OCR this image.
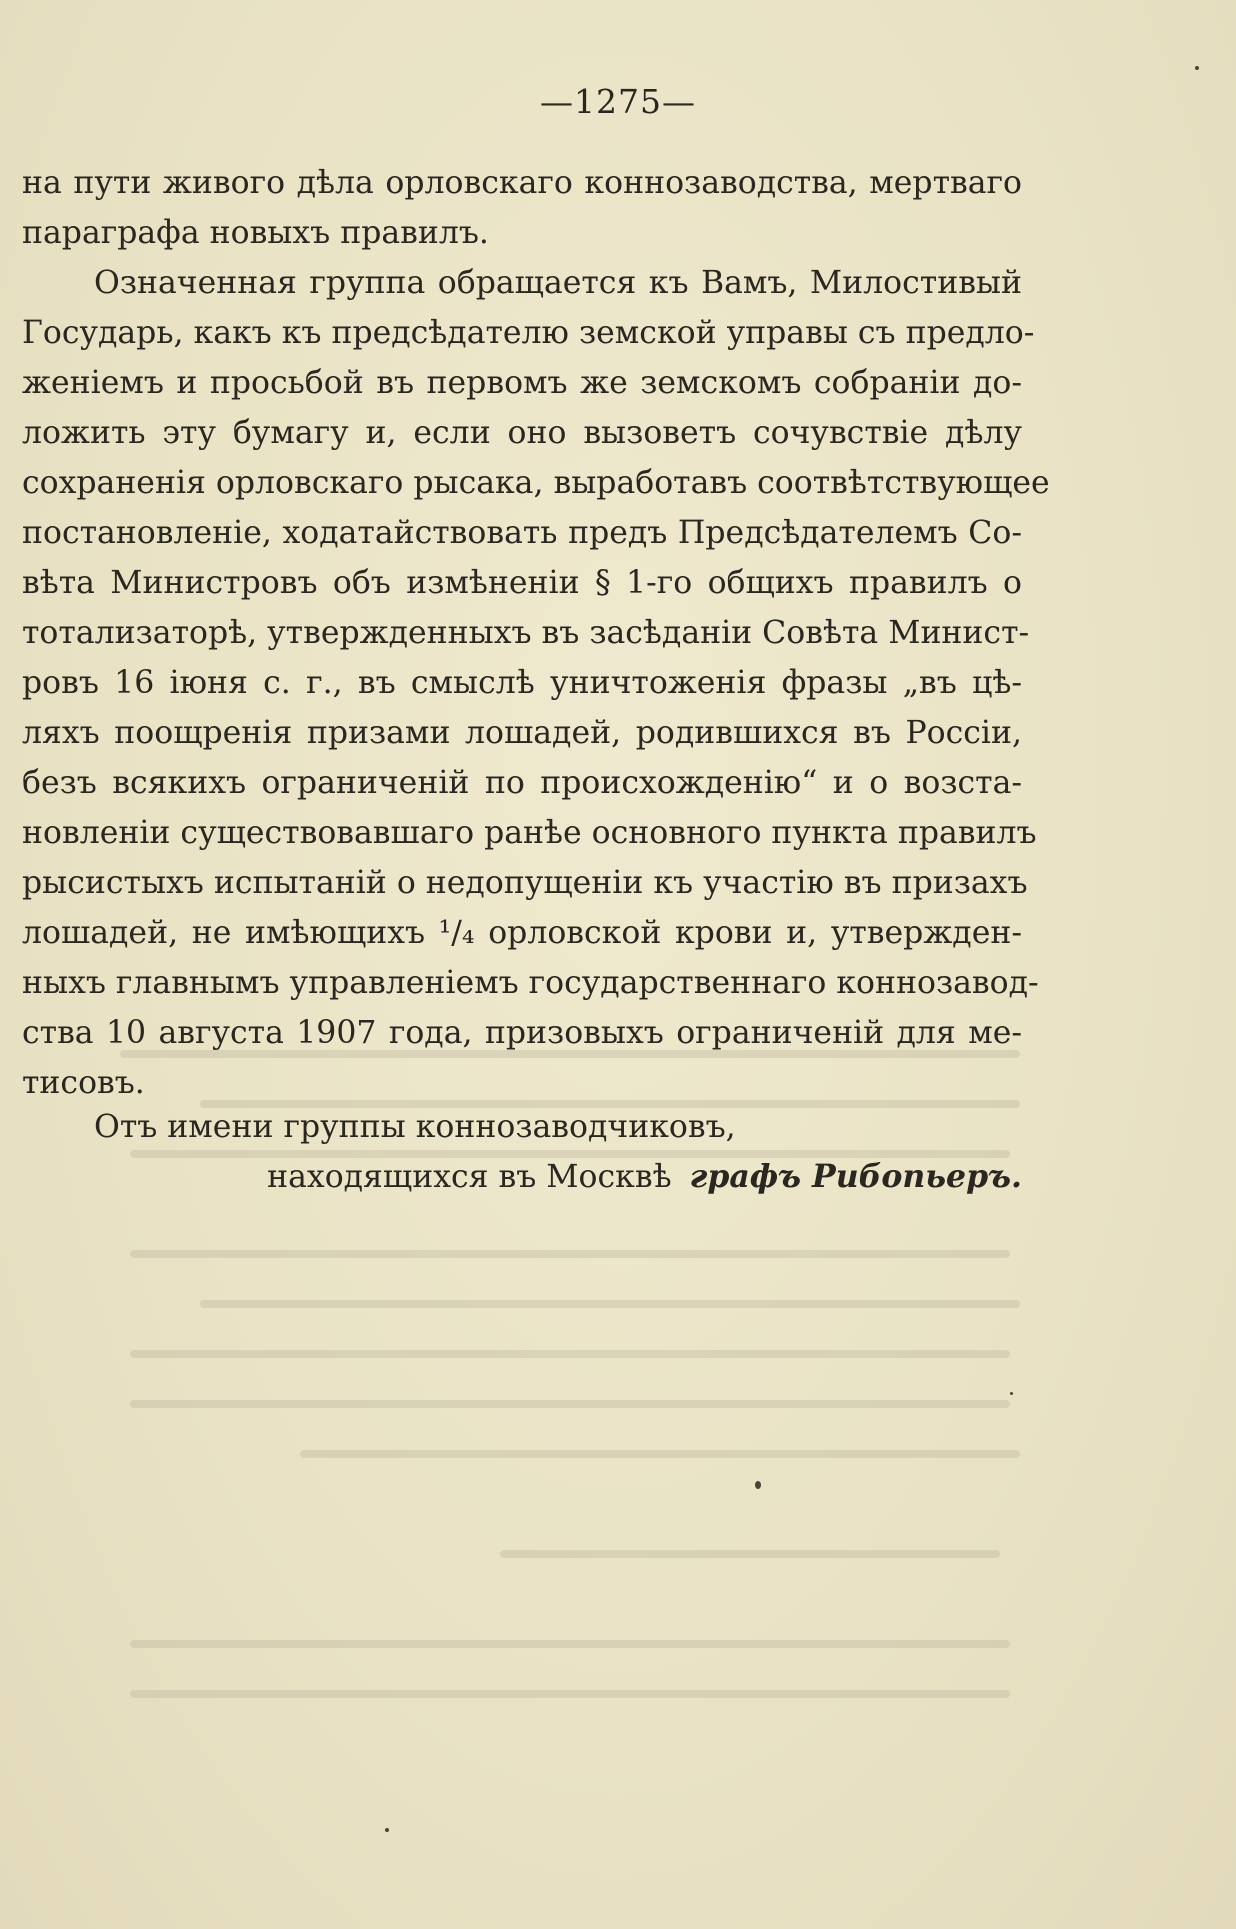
—1275—
на пути живого дѣла орловскаго коннозаводства, мертваго
параграфа новыхъ правилъ.
Означенная группа обращается къ Вамъ, Милостивый
Государь, какъ къ предсѣдателю земской управы съ предло-
женіемъ и просьбой въ первомъ же земскомъ собраніи до-
ложить эту бумагу и, если оно вызоветъ сочувствіе дѣлу
сохраненія орловскаго рысака, выработавъ соотвѣтствующее
постановленіе, ходатайствовать предъ Предсѣдателемъ Со-
вѣта Министровъ объ измѣненіи § 1-го общихъ правилъ о
тотализаторѣ, утвержденныхъ въ засѣданіи Совѣта Минист-
ровъ 16 іюня с. г., въ смыслѣ уничтоженія фразы „въ цѣ-
ляхъ поощренія призами лошадей, родившихся въ Россіи,
безъ всякихъ ограниченій по происхожденію“ и о возста-
новленіи существовавшаго ранѣе основного пункта правилъ
рысистыхъ испытаній о недопущеніи къ участію въ призахъ
лошадей, не имѣющихъ ¹/₄ орловской крови и, утвержден-
ныхъ главнымъ управленіемъ государственнаго коннозавод-
ства 10 августа 1907 года, призовыхъ ограниченій для ме-
тисовъ.
Отъ имени группы коннозаводчиковъ,
находящихся въ Москвѣ графъ Рибопьеръ.
